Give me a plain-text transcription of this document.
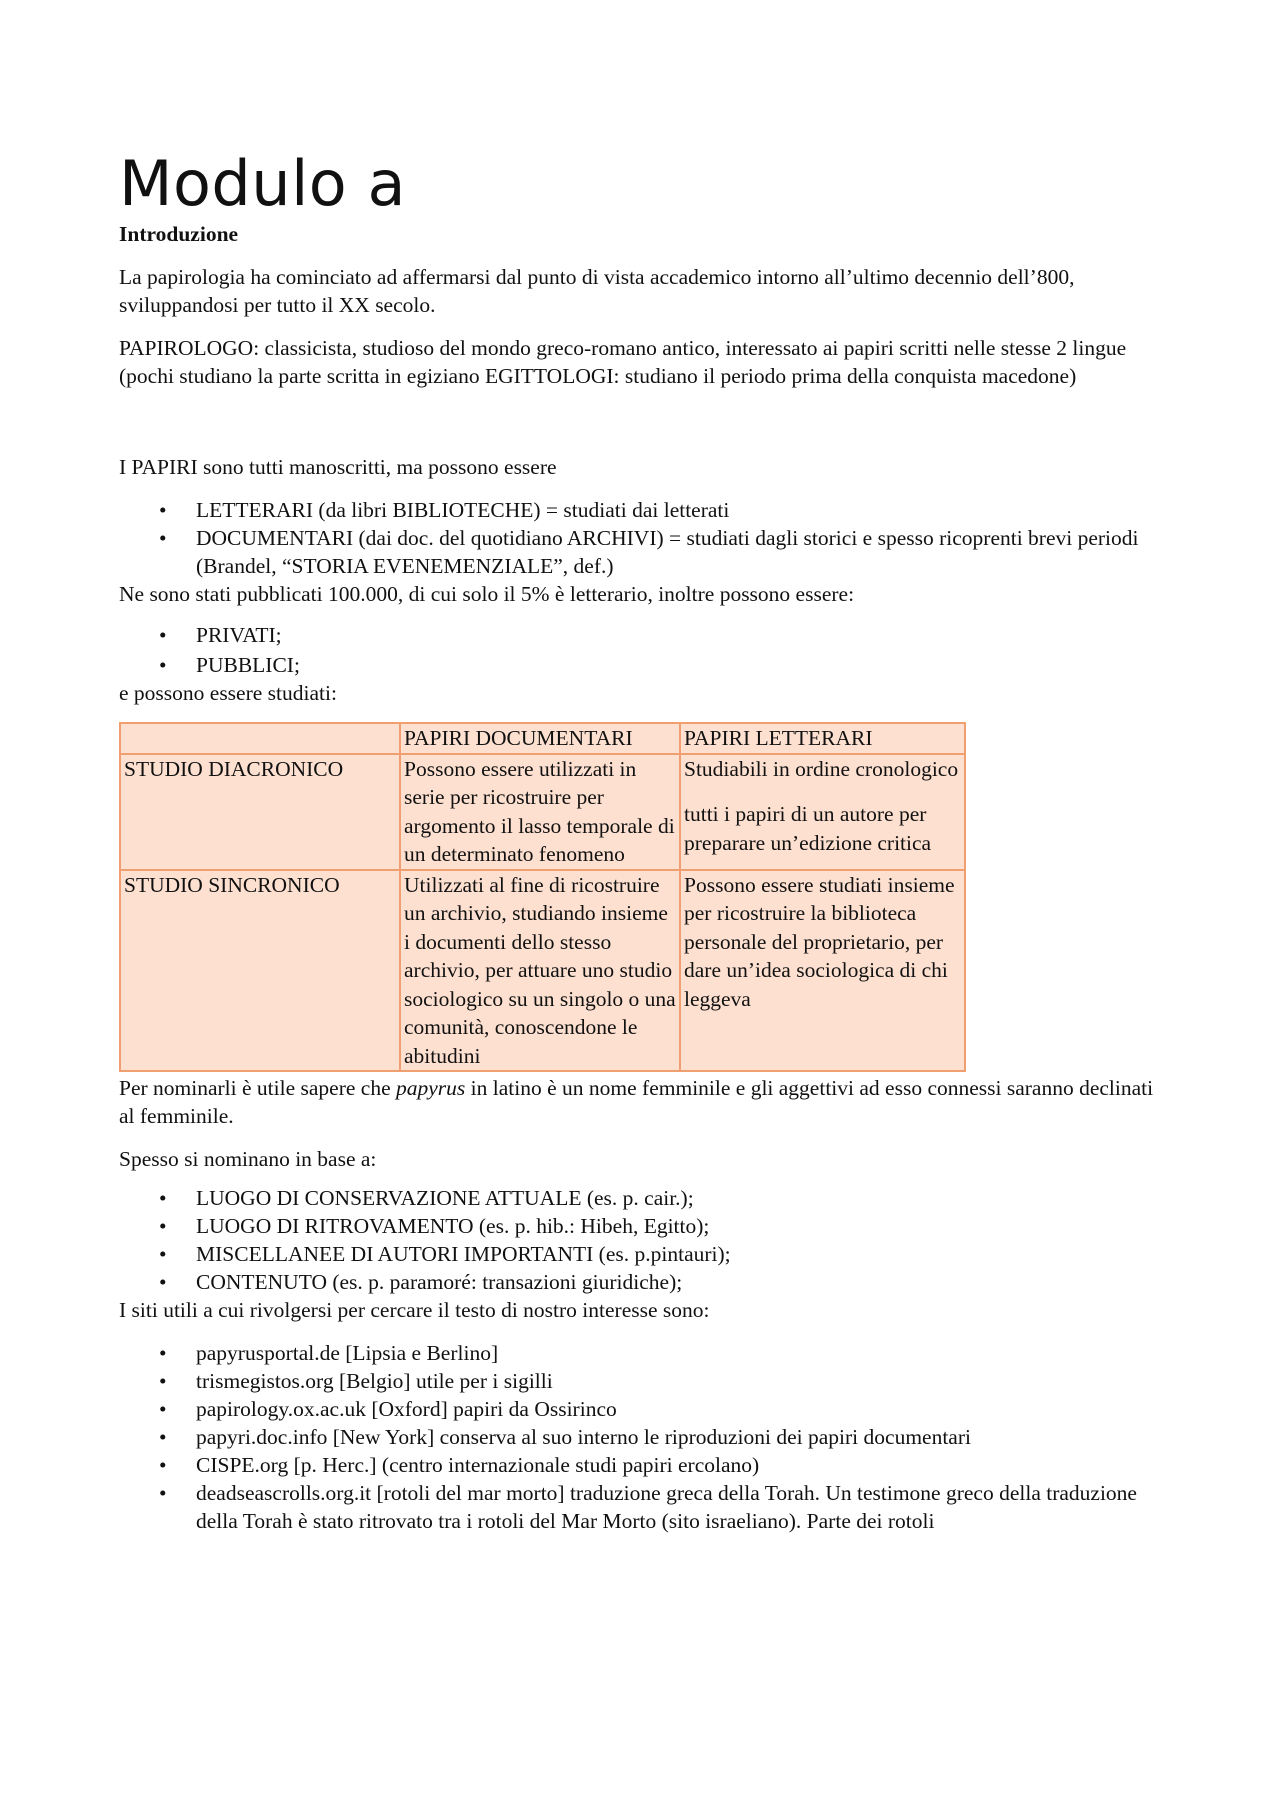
Modulo a
Introduzione

La papirologia ha cominciato ad affermarsi dal punto di vista accademico intorno all’ultimo decennio dell’800, sviluppandosi per tutto il XX secolo.

PAPIROLOGO: classicista, studioso del mondo greco-romano antico, interessato ai papiri scritti nelle stesse 2 lingue (pochi studiano la parte scritta in egiziano EGITTOLOGI: studiano il periodo prima della conquista macedone)

I PAPIRI sono tutti manoscritti, ma possono essere

• LETTERARI (da libri BIBLIOTECHE) = studiati dai letterati
• DOCUMENTARI (dai doc. del quotidiano ARCHIVI) = studiati dagli storici e spesso ricoprenti brevi periodi (Brandel, “STORIA EVENEMENZIALE”, def.)

Ne sono stati pubblicati 100.000, di cui solo il 5% è letterario, inoltre possono essere:

• PRIVATI;
• PUBBLICI;

e possono essere studiati:

	PAPIRI DOCUMENTARI	PAPIRI LETTERARI
STUDIO DIACRONICO	Possono essere utilizzati in serie per ricostruire per argomento il lasso temporale di un determinato fenomeno	Studiabili in ordine cronologico
tutti i papiri di un autore per preparare un’edizione critica
STUDIO SINCRONICO	Utilizzati al fine di ricostruire un archivio, studiando insieme i documenti dello stesso archivio, per attuare uno studio sociologico su un singolo o una comunità, conoscendone le abitudini	Possono essere studiati insieme per ricostruire la biblioteca personale del proprietario, per dare un’idea sociologica di chi leggeva

Per nominarli è utile sapere che papyrus in latino è un nome femminile e gli aggettivi ad esso connessi saranno declinati al femminile.

Spesso si nominano in base a:

• LUOGO DI CONSERVAZIONE ATTUALE (es. p. cair.);
• LUOGO DI RITROVAMENTO (es. p. hib.: Hibeh, Egitto);
• MISCELLANEE DI AUTORI IMPORTANTI (es. p.pintauri);
• CONTENUTO (es. p. paramoré: transazioni giuridiche);

I siti utili a cui rivolgersi per cercare il testo di nostro interesse sono:

• papyrusportal.de [Lipsia e Berlino]
• trismegistos.org [Belgio] utile per i sigilli
• papirology.ox.ac.uk [Oxford] papiri da Ossirinco
• papyri.doc.info [New York] conserva al suo interno le riproduzioni dei papiri documentari
• CISPE.org [p. Herc.] (centro internazionale studi papiri ercolano)
• deadseascrolls.org.it [rotoli del mar morto] traduzione greca della Torah. Un testimone greco della traduzione della Torah è stato ritrovato tra i rotoli del Mar Morto (sito israeliano). Parte dei rotoli
